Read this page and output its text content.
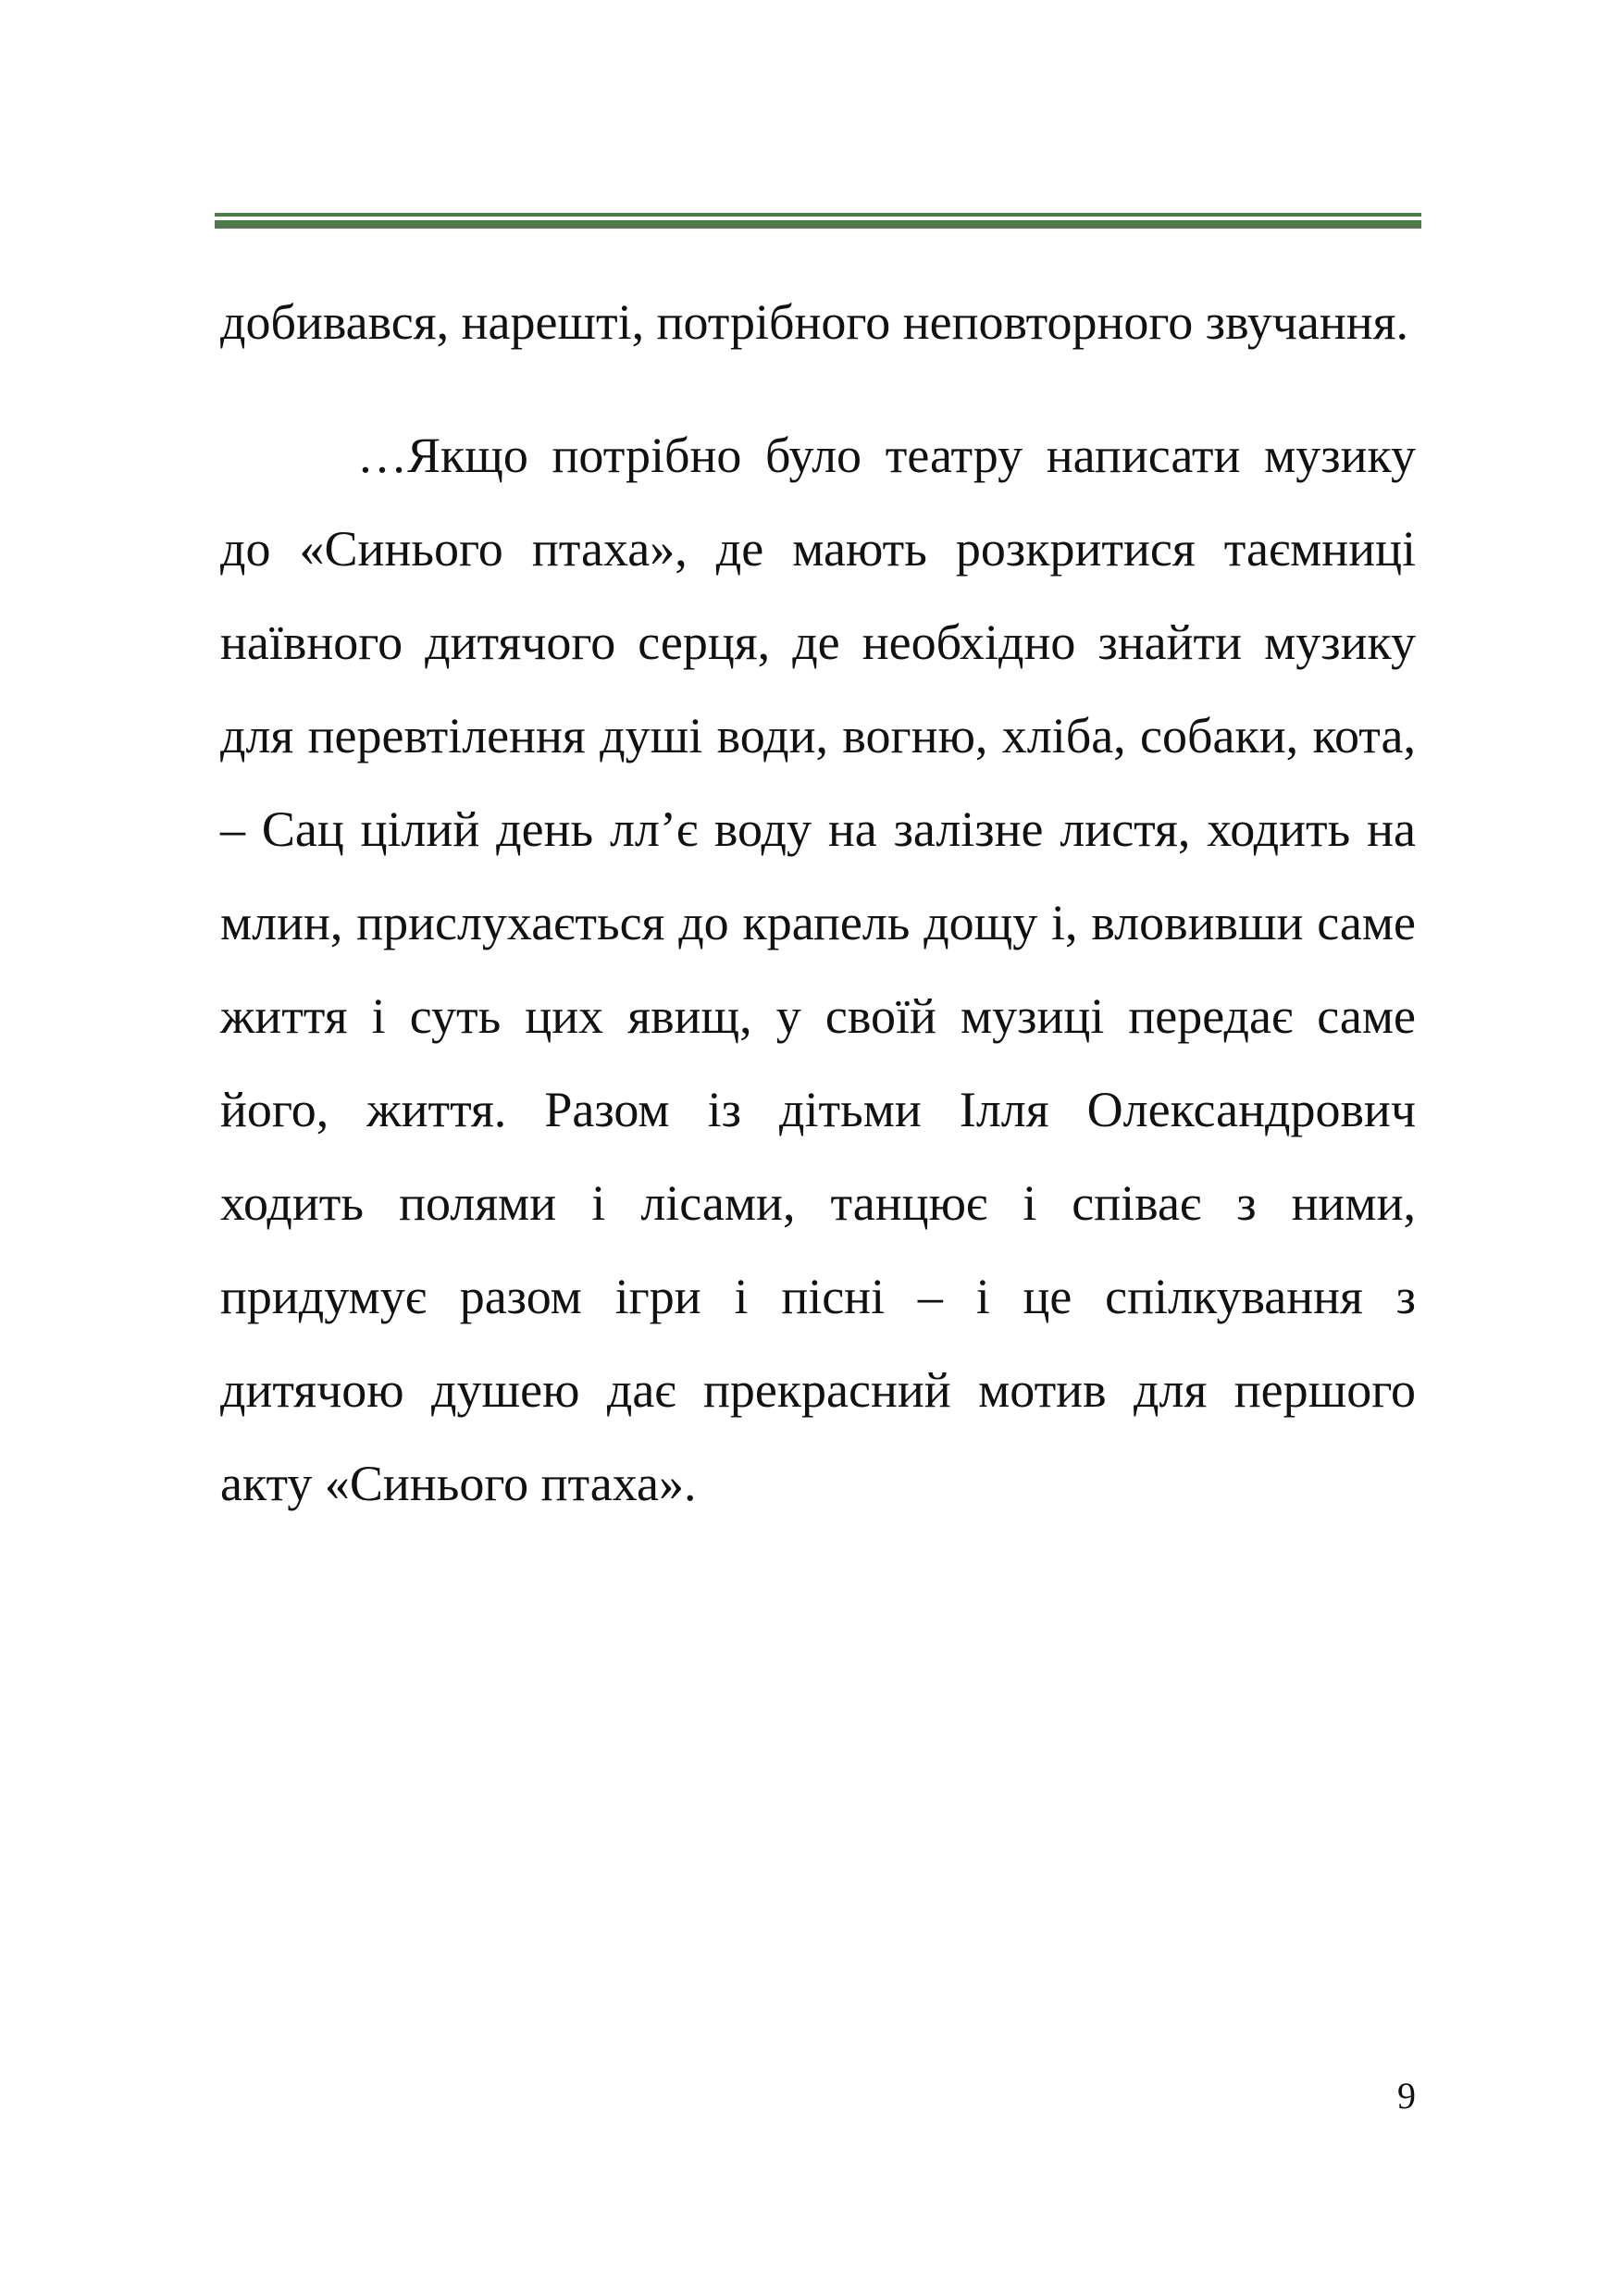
добивався, нарешті, потрібного неповторного звучання.

…Якщо потрібно було театру написати музику до «Синього птаха», де мають розкритися таємниці наївного дитячого серця, де необхідно знайти музику для перевтілення душі води, вогню, хліба, собаки, кота, – Сац цілий день лл’є воду на залізне листя, ходить на млин, прислухається до крапель дощу і, вловивши саме життя і суть цих явищ, у своїй музиці передає саме його, життя. Разом із дітьми Ілля Олександрович ходить полями і лісами, танцює і співає з ними, придумує разом ігри і пісні – і це спілкування з дитячою душею дає прекрасний мотив для першого акту «Синього птаха».

9
